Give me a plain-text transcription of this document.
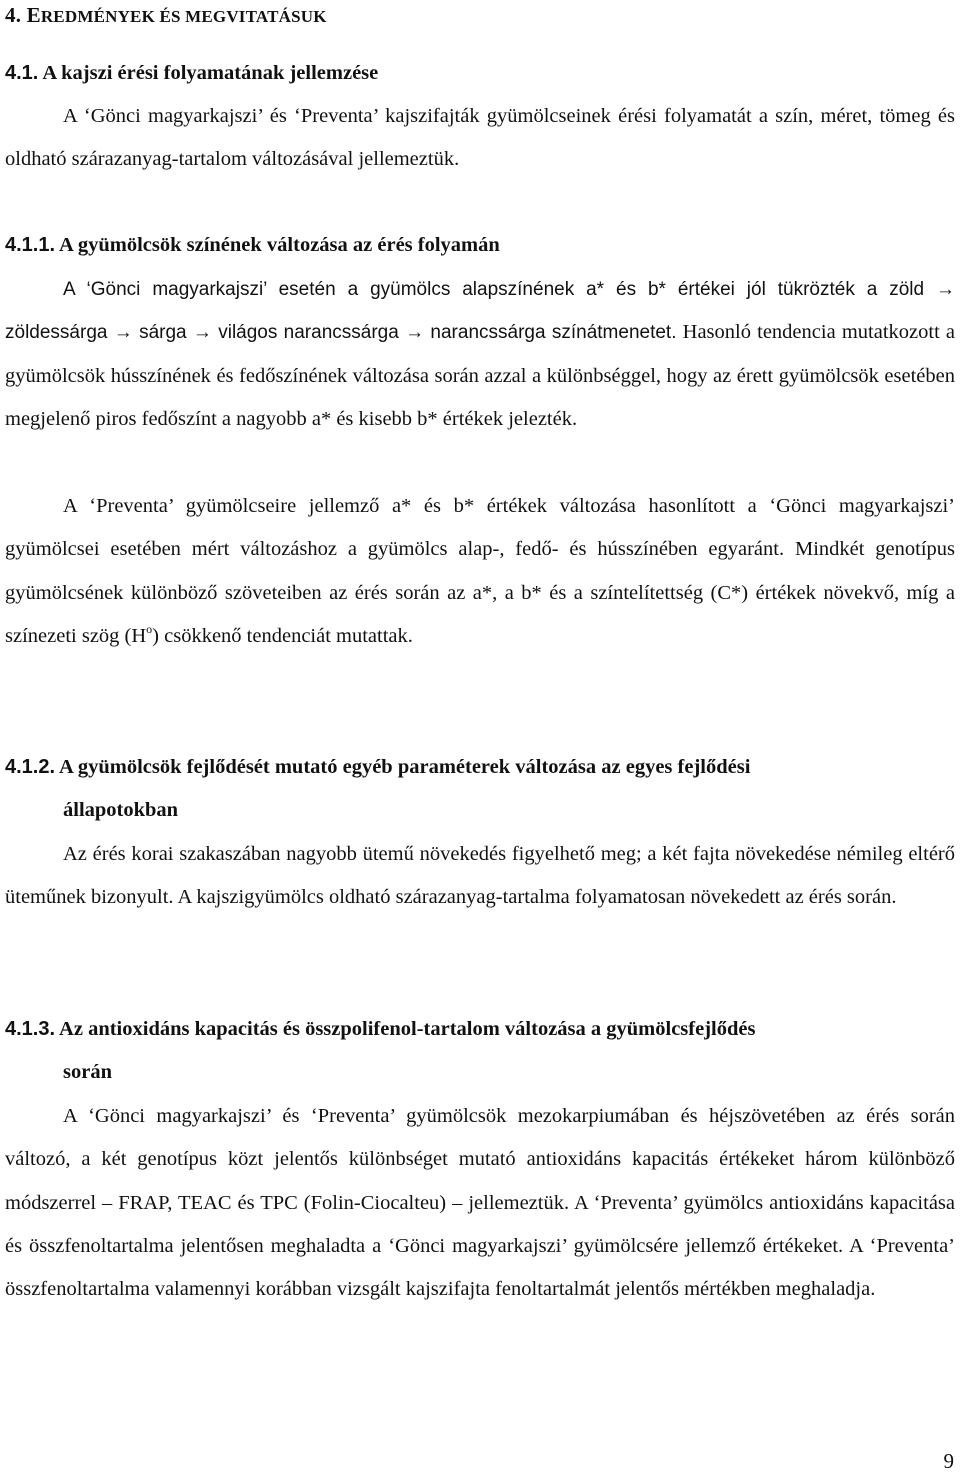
4. EREDMÉNYEK ÉS MEGVITATÁSUK
4.1. A kajszi érési folyamatának jellemzése

A ‘Gönci magyarkajszi’ és ‘Preventa’ kajszifajták gyümölcseinek érési folyamatát a szín, méret, tömeg és oldható szárazanyag-tartalom változásával jellemeztük.

4.1.1. A gyümölcsök színének változása az érés folyamán

A ‘Gönci magyarkajszi’ esetén a gyümölcs alapszínének a* és b* értékei jól tükrözték a zöld → zöldessárga → sárga → világos narancssárga → narancssárga színátmenetet. Hasonló tendencia mutatkozott a gyümölcsök hússzínének és fedőszínének változása során azzal a különbséggel, hogy az érett gyümölcsök esetében megjelenő piros fedőszínt a nagyobb a* és kisebb b* értékek jelezték.

A ‘Preventa’ gyümölcseire jellemző a* és b* értékek változása hasonlított a ‘Gönci magyarkajszi’ gyümölcsei esetében mért változáshoz a gyümölcs alap-, fedő- és hússzínében egyaránt. Mindkét genotípus gyümölcsének különböző szöveteiben az érés során az a*, a b* és a színtelítettség (C*) értékek növekvő, míg a színezeti szög $(H^o)$ csökkenő tendenciát mutattak.

4.1.2. A gyümölcsök fejlődését mutató egyéb paraméterek változása az egyes fejlődési
állapotokban

Az érés korai szakaszában nagyobb ütemű növekedés figyelhető meg; a két fajta növekedése némileg eltérő üteműnek bizonyult. A kajszigyümölcs oldható szárazanyag-tartalma folyamatosan növekedett az érés során.

4.1.3. Az antioxidáns kapacitás és összpolifenol-tartalom változása a gyümölcsfejlődés
során

A ‘Gönci magyarkajszi’ és ‘Preventa’ gyümölcsök mezokarpiumában és héjszövetében az érés során változó, a két genotípus közt jelentős különbséget mutató antioxidáns kapacitás értékeket három különböző módszerrel – FRAP, TEAC és TPC (Folin-Ciocalteu) – jellemeztük. A ‘Preventa’ gyümölcs antioxidáns kapacitása és összfenoltartalma jelentősen meghaladta a ‘Gönci magyarkajszi’ gyümölcsére jellemző értékeket. A ‘Preventa’ összfenoltartalma valamennyi korábban vizsgált kajszifajta fenoltartalmát jelentős mértékben meghaladja.

9
